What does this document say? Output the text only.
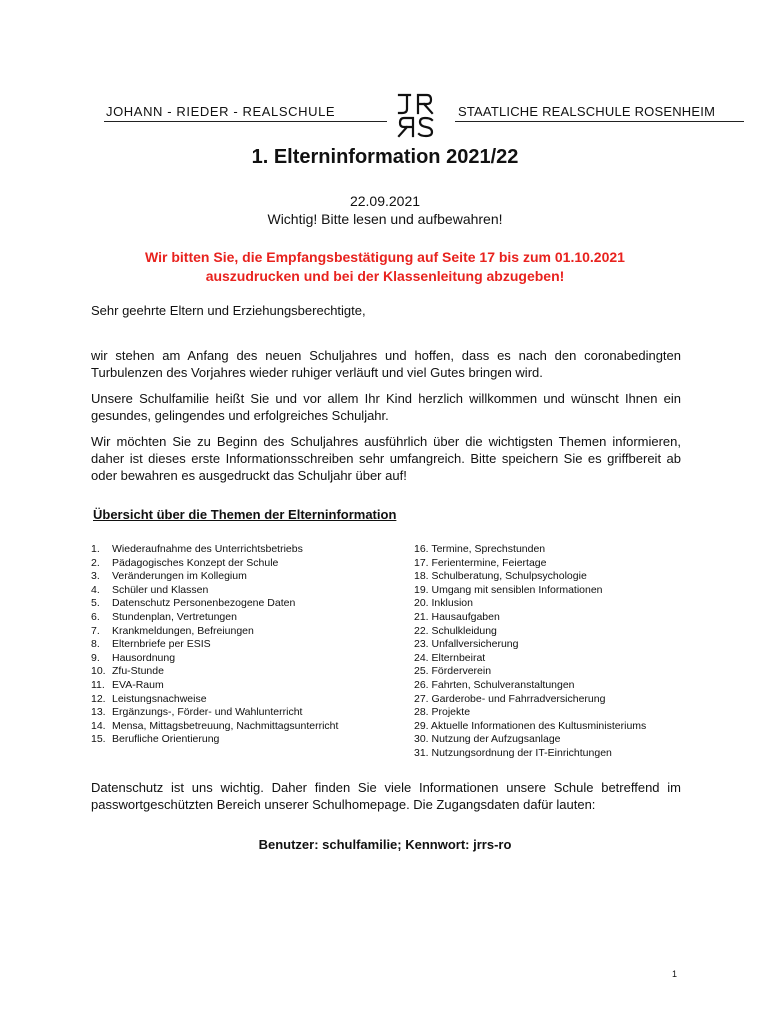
JOHANN - RIEDER - REALSCHULE	STAATLICHE REALSCHULE ROSENHEIM
1. Elterninformation 2021/22
22.09.2021
Wichtig! Bitte lesen und aufbewahren!
Wir bitten Sie, die Empfangsbestätigung auf Seite 17 bis zum 01.10.2021
auszudrucken und bei der Klassenleitung abzugeben!
Sehr geehrte Eltern und Erziehungsberechtigte,
wir stehen am Anfang des neuen Schuljahres und hoffen, dass es nach den coronabedingten Turbulenzen des Vorjahres wieder ruhiger verläuft und viel Gutes bringen wird.
Unsere Schulfamilie heißt Sie und vor allem Ihr Kind herzlich willkommen und wünscht Ihnen ein gesundes, gelingendes und erfolgreiches Schuljahr.
Wir möchten Sie zu Beginn des Schuljahres ausführlich über die wichtigsten Themen informieren, daher ist dieses erste Informationsschreiben sehr umfangreich. Bitte speichern Sie es griffbereit ab oder bewahren es ausgedruckt das Schuljahr über auf!
Übersicht über die Themen der Elterninformation
1. Wiederaufnahme des Unterrichtsbetriebs
2. Pädagogisches Konzept der Schule
3. Veränderungen im Kollegium
4. Schüler und Klassen
5. Datenschutz Personenbezogene Daten
6. Stundenplan, Vertretungen
7. Krankmeldungen, Befreiungen
8. Elternbriefe per ESIS
9. Hausordnung
10. Zfu-Stunde
11. EVA-Raum
12. Leistungsnachweise
13. Ergänzungs-, Förder- und Wahlunterricht
14. Mensa, Mittagsbetreuung, Nachmittagsunterricht
15. Berufliche Orientierung
16. Termine, Sprechstunden
17. Ferientermine, Feiertage
18. Schulberatung, Schulpsychologie
19. Umgang mit sensiblen Informationen
20. Inklusion
21. Hausaufgaben
22. Schulkleidung
23. Unfallversicherung
24. Elternbeirat
25. Förderverein
26. Fahrten, Schulveranstaltungen
27. Garderobe- und Fahrradversicherung
28. Projekte
29. Aktuelle Informationen des Kultusministeriums
30. Nutzung der Aufzugsanlage
31. Nutzungsordnung der IT-Einrichtungen
Datenschutz ist uns wichtig. Daher finden Sie viele Informationen unsere Schule betreffend im passwortgeschützten Bereich unserer Schulhomepage. Die Zugangsdaten dafür lauten:
Benutzer: schulfamilie; Kennwort: jrrs-ro
1
